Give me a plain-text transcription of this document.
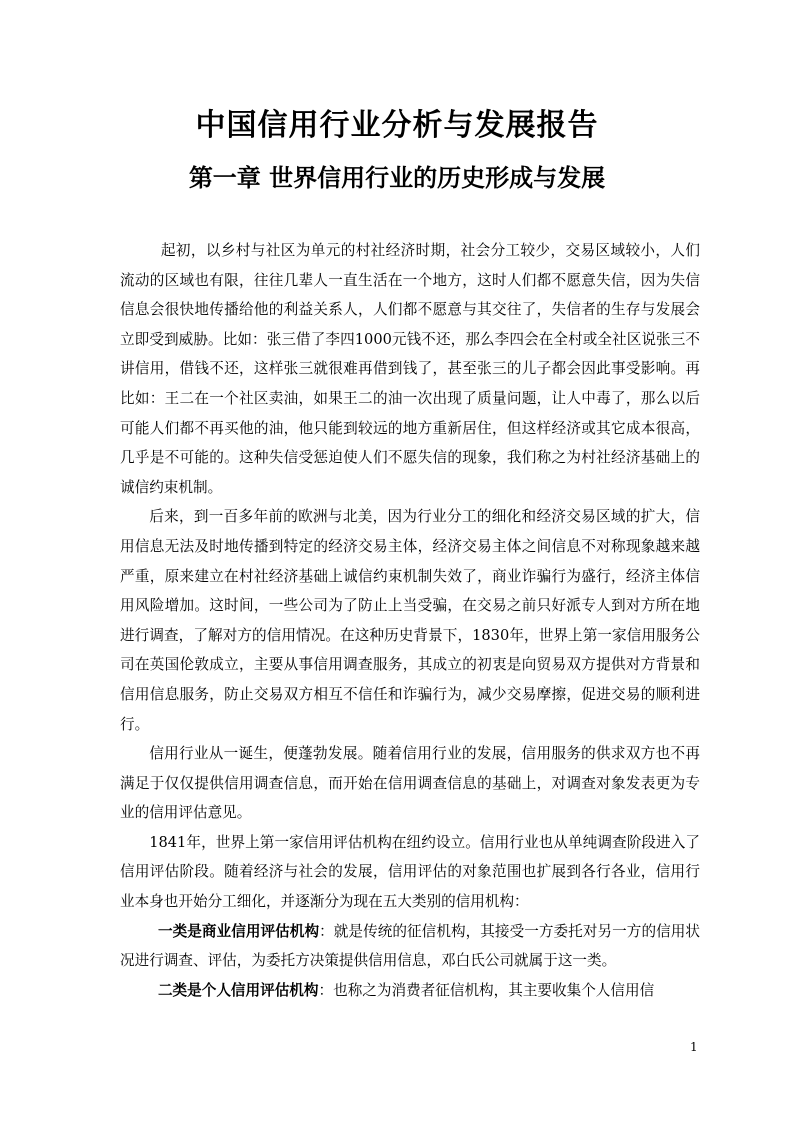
中国信用行业分析与发展报告
第一章 世界信用行业的历史形成与发展

起初，以乡村与社区为单元的村社经济时期，社会分工较少，交易区域较小，人们流动的区域也有限，往往几辈人一直生活在一个地方，这时人们都不愿意失信，因为失信信息会很快地传播给他的利益关系人，人们都不愿意与其交往了，失信者的生存与发展会立即受到威胁。比如：张三借了李四1000元钱不还，那么李四会在全村或全社区说张三不讲信用，借钱不还，这样张三就很难再借到钱了，甚至张三的儿子都会因此事受影响。再比如：王二在一个社区卖油，如果王二的油一次出现了质量问题，让人中毒了，那么以后可能人们都不再买他的油，他只能到较远的地方重新居住，但这样经济或其它成本很高，几乎是不可能的。这种失信受惩迫使人们不愿失信的现象，我们称之为村社经济基础上的诚信约束机制。

后来，到一百多年前的欧洲与北美，因为行业分工的细化和经济交易区域的扩大，信用信息无法及时地传播到特定的经济交易主体，经济交易主体之间信息不对称现象越来越严重，原来建立在村社经济基础上诚信约束机制失效了，商业诈骗行为盛行，经济主体信用风险增加。这时间，一些公司为了防止上当受骗，在交易之前只好派专人到对方所在地进行调查，了解对方的信用情况。在这种历史背景下，1830年，世界上第一家信用服务公司在英国伦敦成立，主要从事信用调查服务，其成立的初衷是向贸易双方提供对方背景和信用信息服务，防止交易双方相互不信任和诈骗行为，减少交易摩擦，促进交易的顺利进行。

信用行业从一诞生，便蓬勃发展。随着信用行业的发展，信用服务的供求双方也不再满足于仅仅提供信用调查信息，而开始在信用调查信息的基础上，对调查对象发表更为专业的信用评估意见。

1841年，世界上第一家信用评估机构在纽约设立。信用行业也从单纯调查阶段进入了信用评估阶段。随着经济与社会的发展，信用评估的对象范围也扩展到各行各业，信用行业本身也开始分工细化，并逐渐分为现在五大类别的信用机构：

一类是商业信用评估机构：就是传统的征信机构，其接受一方委托对另一方的信用状况进行调查、评估，为委托方决策提供信用信息，邓白氏公司就属于这一类。

二类是个人信用评估机构：也称之为消费者征信机构，其主要收集个人信用信

1
